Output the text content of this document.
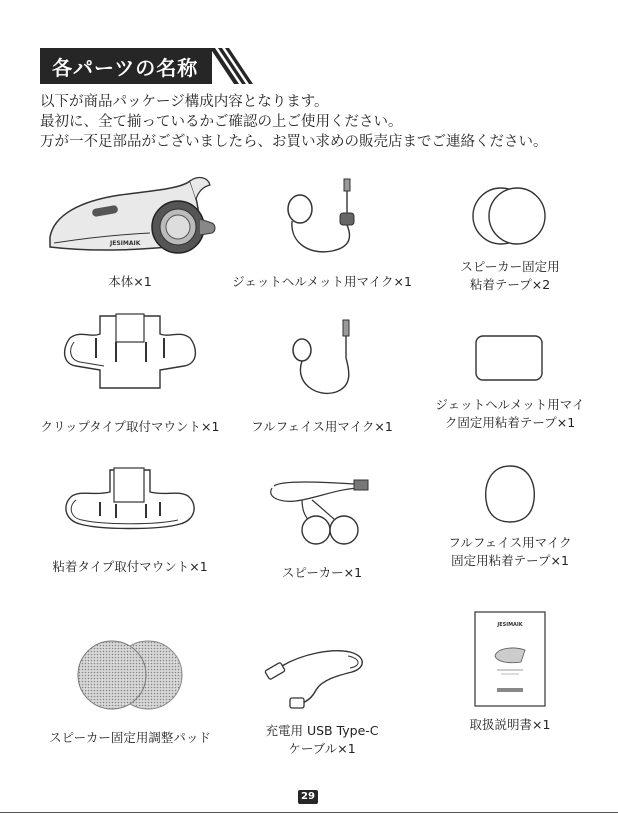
各パーツの名称
以下が商品パッケージ構成内容となります。
最初に、全て揃っているかご確認の上ご使用ください。
万が一不足部品がございましたら、お買い求めの販売店までご連絡ください。
JESIMAIK
本体×1	ジェットヘルメット用マイク×1
スピーカー固定用
粘着テープ×2
クリップタイプ取付マウント×1	フルフェイス用マイク×1
ジェットヘルメット用マイ
ク固定用粘着テープ×1
粘着タイプ取付マウント×1	スピーカー×1
フルフェイス用マイク
固定用粘着テープ×1
スピーカー固定用調整パッド	充電用 USB Type-C
ケーブル×1
JESIMAIK
取扱説明書×1
29
